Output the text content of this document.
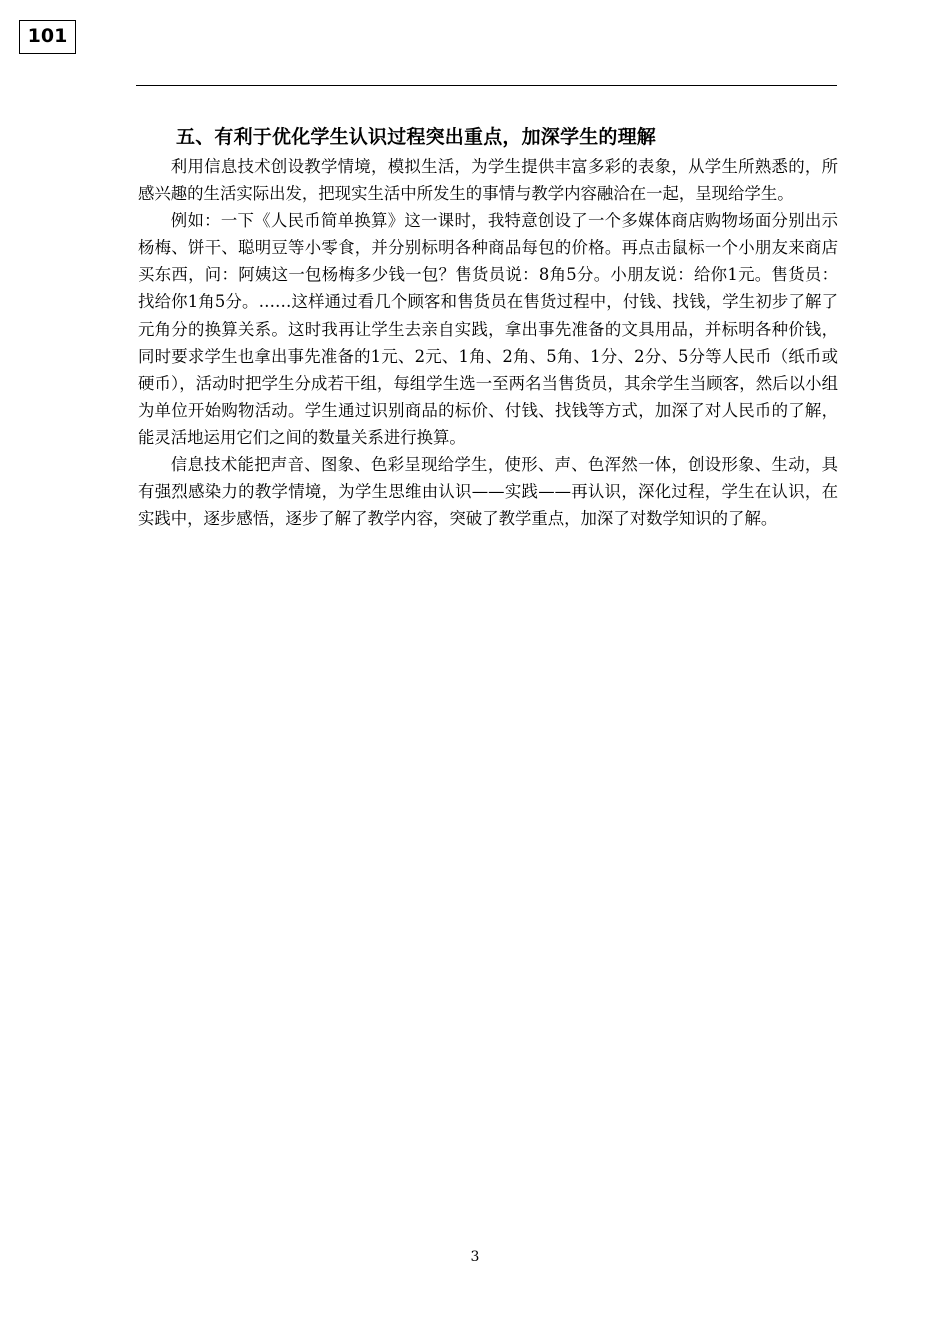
101
五、有利于优化学生认识过程突出重点，加深学生的理解

利用信息技术创设教学情境，模拟生活，为学生提供丰富多彩的表象，从学生所熟悉的，所感兴趣的生活实际出发，把现实生活中所发生的事情与教学内容融洽在一起，呈现给学生。

例如：一下《人民币简单换算》这一课时，我特意创设了一个多媒体商店购物场面分别出示杨梅、饼干、聪明豆等小零食，并分别标明各种商品每包的价格。再点击鼠标一个小朋友来商店买东西，问：阿姨这一包杨梅多少钱一包？售货员说：8角5分。小朋友说：给你1元。售货员：找给你1角5分。……这样通过看几个顾客和售货员在售货过程中，付钱、找钱，学生初步了解了元角分的换算关系。这时我再让学生去亲自实践，拿出事先准备的文具用品，并标明各种价钱，同时要求学生也拿出事先准备的1元、2元、1角、2角、5角、1分、2分、5分等人民币（纸币或硬币），活动时把学生分成若干组，每组学生选一至两名当售货员，其余学生当顾客，然后以小组为单位开始购物活动。学生通过识别商品的标价、付钱、找钱等方式，加深了对人民币的了解，能灵活地运用它们之间的数量关系进行换算。

信息技术能把声音、图象、色彩呈现给学生，使形、声、色浑然一体，创设形象、生动，具有强烈感染力的教学情境，为学生思维由认识——实践——再认识，深化过程，学生在认识，在实践中，逐步感悟，逐步了解了教学内容，突破了教学重点，加深了对数学知识的了解。

3
